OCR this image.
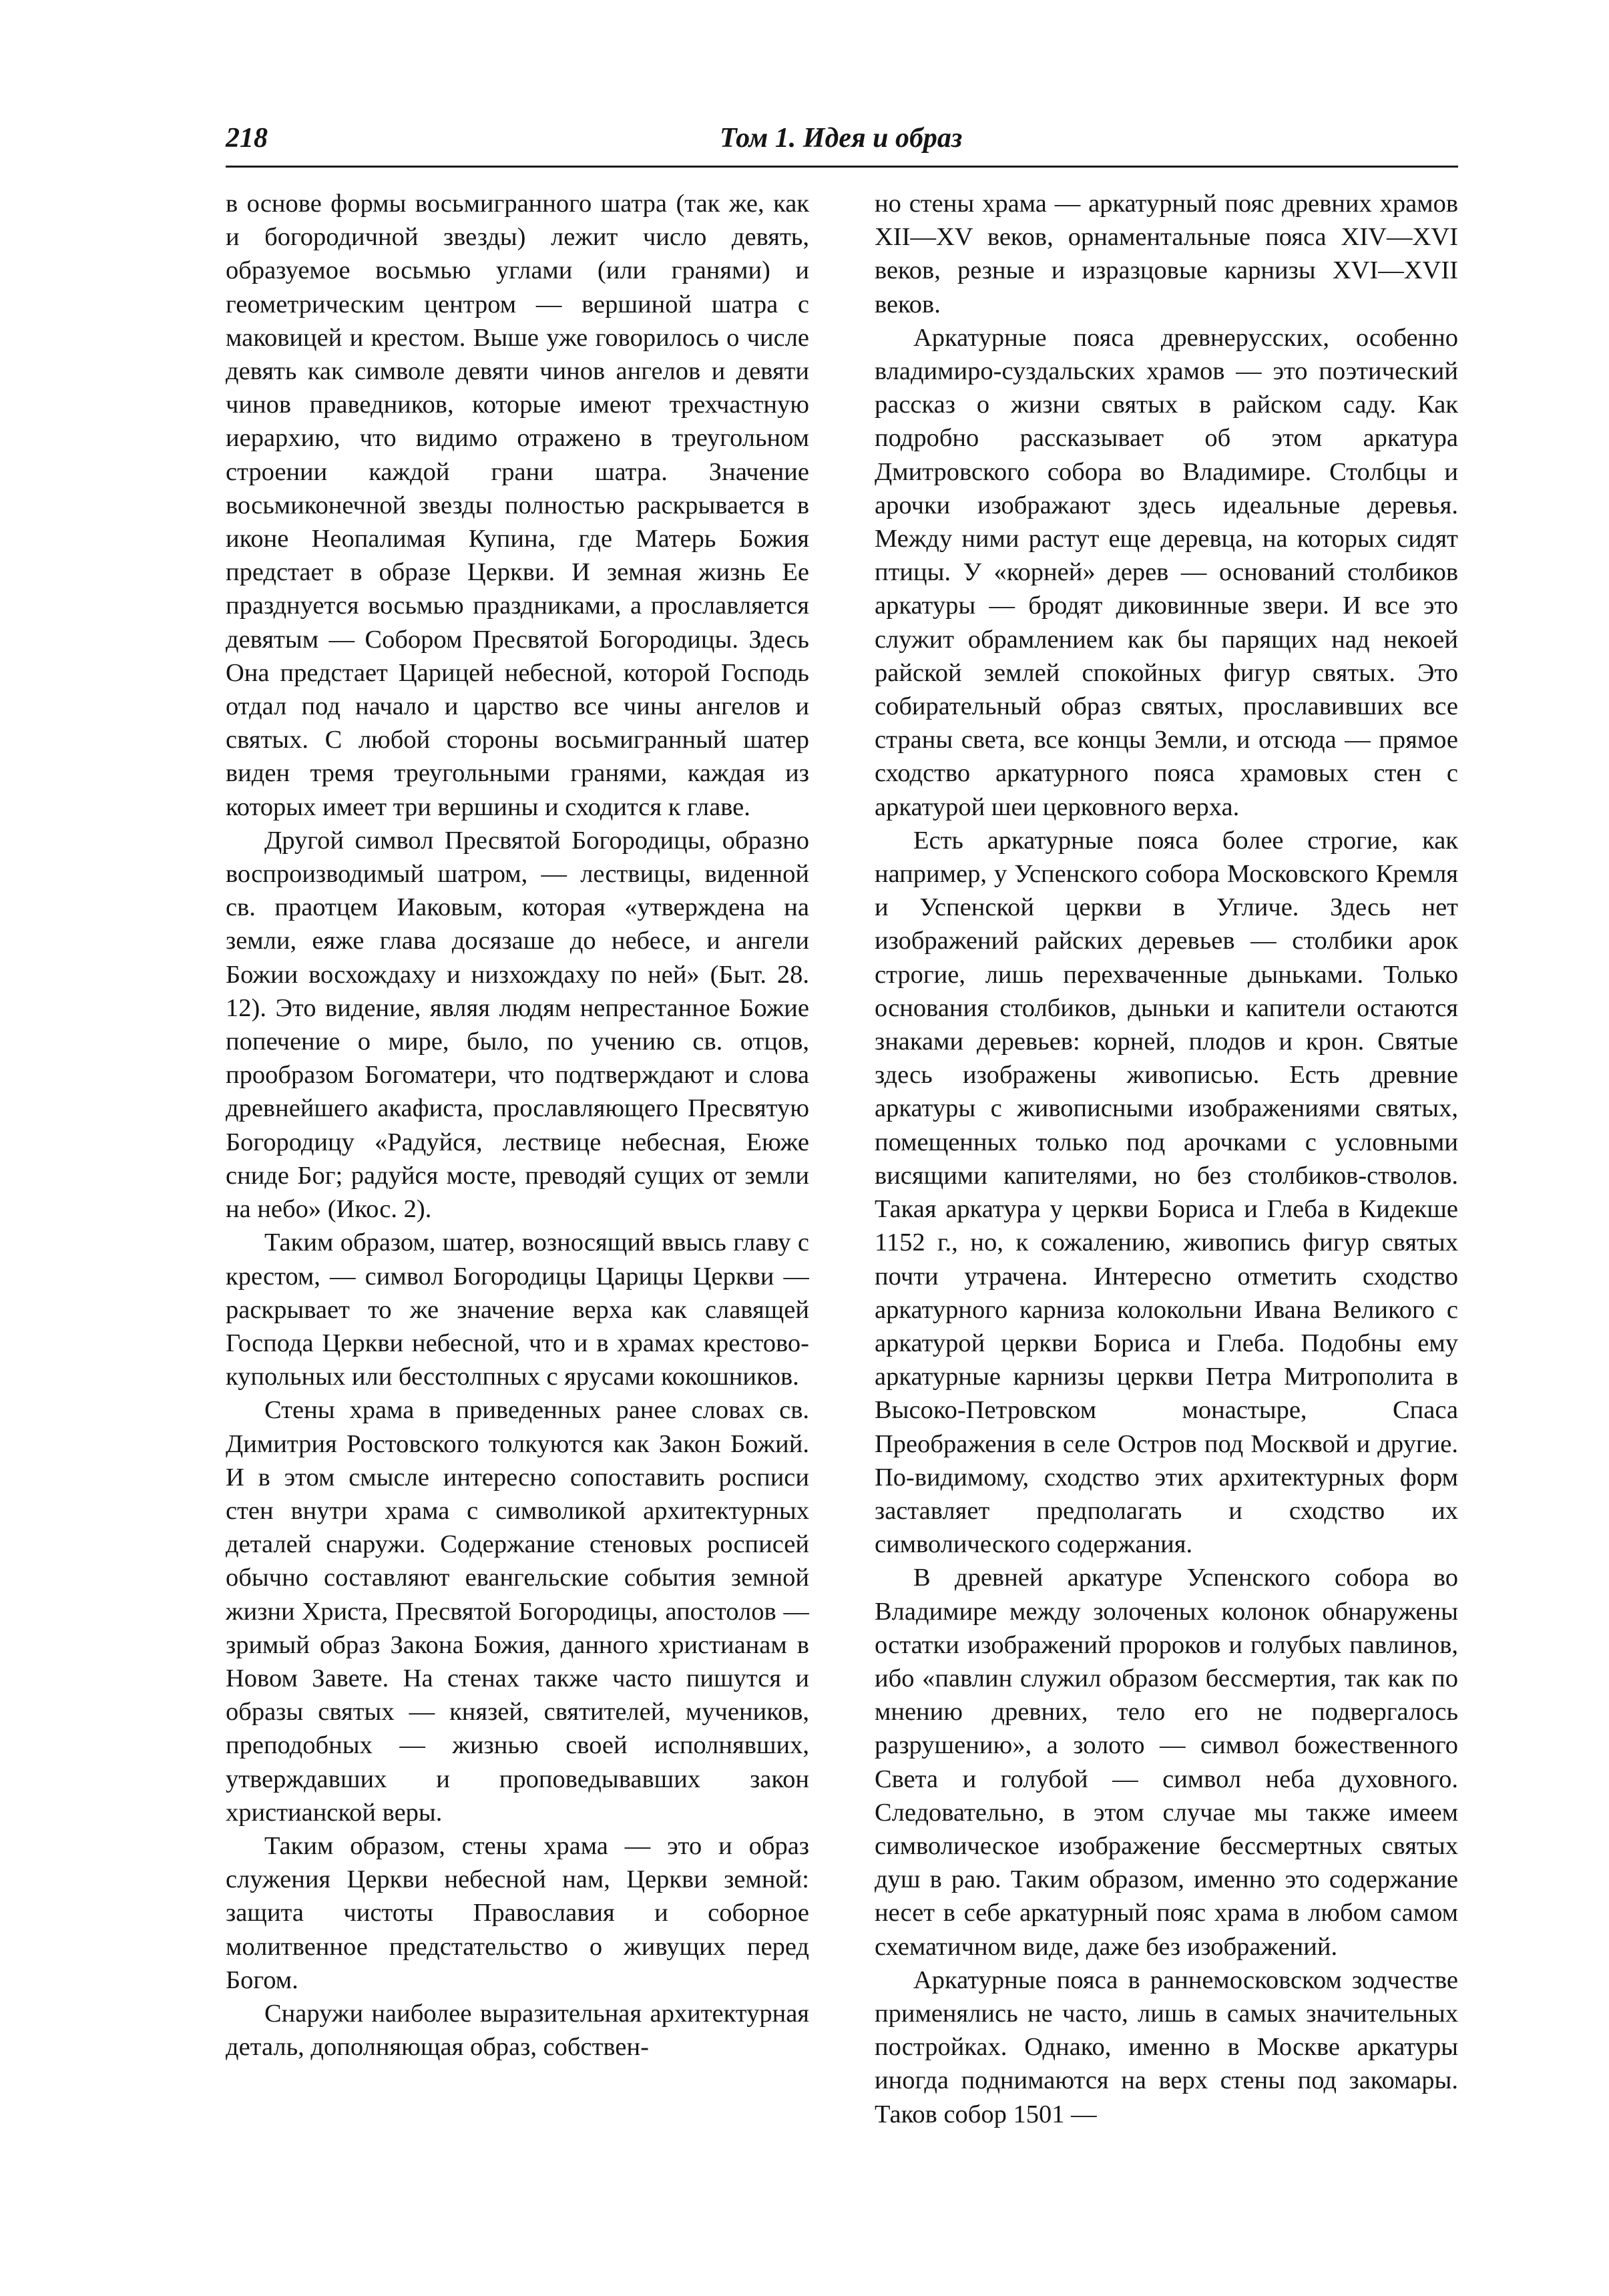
218	Том 1. Идея и образ

в основе формы восьмигранного шатра (так же, как и богородичной звезды) лежит число девять, образуемое восьмью углами (или гранями) и геометрическим центром — вершиной шатра с маковицей и крестом. Выше уже говорилось о числе девять как символе девяти чинов ангелов и девяти чинов праведников, которые имеют трехчастную иерархию, что видимо отражено в треугольном строении каждой грани шатра. Значение восьмиконечной звезды полностью раскрывается в иконе Неопалимая Купина, где Матерь Божия предстает в образе Церкви. И земная жизнь Ее празднуется восьмью праздниками, а прославляется девятым — Собором Пресвятой Богородицы. Здесь Она предстает Царицей небесной, которой Господь отдал под начало и царство все чины ангелов и святых. С любой стороны восьмигранный шатер виден тремя треугольными гранями, каждая из которых имеет три вершины и сходится к главе.

Другой символ Пресвятой Богородицы, образно воспроизводимый шатром, — лествицы, виденной св. праотцем Иаковым, которая «утверждена на земли, еяже глава досязаше до небесе, и ангели Божии восхождаху и низхождаху по ней» (Быт. 28. 12). Это видение, являя людям непрестанное Божие попечение о мире, было, по учению св. отцов, прообразом Богоматери, что подтверждают и слова древнейшего акафиста, прославляющего Пресвятую Богородицу «Радуйся, лествице небесная, Еюже сниде Бог; радуйся мосте, преводяй сущих от земли на небо» (Икос. 2).

Таким образом, шатер, возносящий ввысь главу с крестом, — символ Богородицы Царицы Церкви — раскрывает то же значение верха как славящей Господа Церкви небесной, что и в храмах крестово-купольных или бесстолпных с ярусами кокошников.

Стены храма в приведенных ранее словах св. Димитрия Ростовского толкуются как Закон Божий. И в этом смысле интересно сопоставить росписи стен внутри храма с символикой архитектурных деталей снаружи. Содержание стеновых росписей обычно составляют евангельские события земной жизни Христа, Пресвятой Богородицы, апостолов — зримый образ Закона Божия, данного христианам в Новом Завете. На стенах также часто пишутся и образы святых — князей, святителей, мучеников, преподобных — жизнью своей исполнявших, утверждавших и проповедывавших закон христианской веры.

Таким образом, стены храма — это и образ служения Церкви небесной нам, Церкви земной: защита чистоты Православия и соборное молитвенное предстательство о живущих перед Богом.

Снаружи наиболее выразительная архитектурная деталь, дополняющая образ, собствен-

но стены храма — аркатурный пояс древних храмов XII—XV веков, орнаментальные пояса XIV—XVI веков, резные и изразцовые карнизы XVI—XVII веков.

Аркатурные пояса древнерусских, особенно владимиро-суздальских храмов — это поэтический рассказ о жизни святых в райском саду. Как подробно рассказывает об этом аркатура Дмитровского собора во Владимире. Столбцы и арочки изображают здесь идеальные деревья. Между ними растут еще деревца, на которых сидят птицы. У «корней» дерев — оснований столбиков аркатуры — бродят диковинные звери. И все это служит обрамлением как бы парящих над некоей райской землей спокойных фигур святых. Это собирательный образ святых, прославивших все страны света, все концы Земли, и отсюда — прямое сходство аркатурного пояса храмовых стен с аркатурой шеи церковного верха.

Есть аркатурные пояса более строгие, как например, у Успенского собора Московского Кремля и Успенской церкви в Угличе. Здесь нет изображений райских деревьев — столбики арок строгие, лишь перехваченные дыньками. Только основания столбиков, дыньки и капители остаются знаками деревьев: корней, плодов и крон. Святые здесь изображены живописью. Есть древние аркатуры с живописными изображениями святых, помещенных только под арочками с условными висящими капителями, но без столбиков-стволов. Такая аркатура у церкви Бориса и Глеба в Кидекше 1152 г., но, к сожалению, живопись фигур святых почти утрачена. Интересно отметить сходство аркатурного карниза колокольни Ивана Великого с аркатурой церкви Бориса и Глеба. Подобны ему аркатурные карнизы церкви Петра Митрополита в Высоко-Петровском монастыре, Спаса Преображения в селе Остров под Москвой и другие. По-видимому, сходство этих архитектурных форм заставляет предполагать и сходство их символического содержания.

В древней аркатуре Успенского собора во Владимире между золоченых колонок обнаружены остатки изображений пророков и голубых павлинов, ибо «павлин служил образом бессмертия, так как по мнению древних, тело его не подвергалось разрушению», а золото — символ божественного Света и голубой — символ неба духовного. Следовательно, в этом случае мы также имеем символическое изображение бессмертных святых душ в раю. Таким образом, именно это содержание несет в себе аркатурный пояс храма в любом самом схематичном виде, даже без изображений.

Аркатурные пояса в раннемосковском зодчестве применялись не часто, лишь в самых значительных постройках. Однако, именно в Москве аркатуры иногда поднимаются на верх стены под закомары. Таков собор 1501 —
